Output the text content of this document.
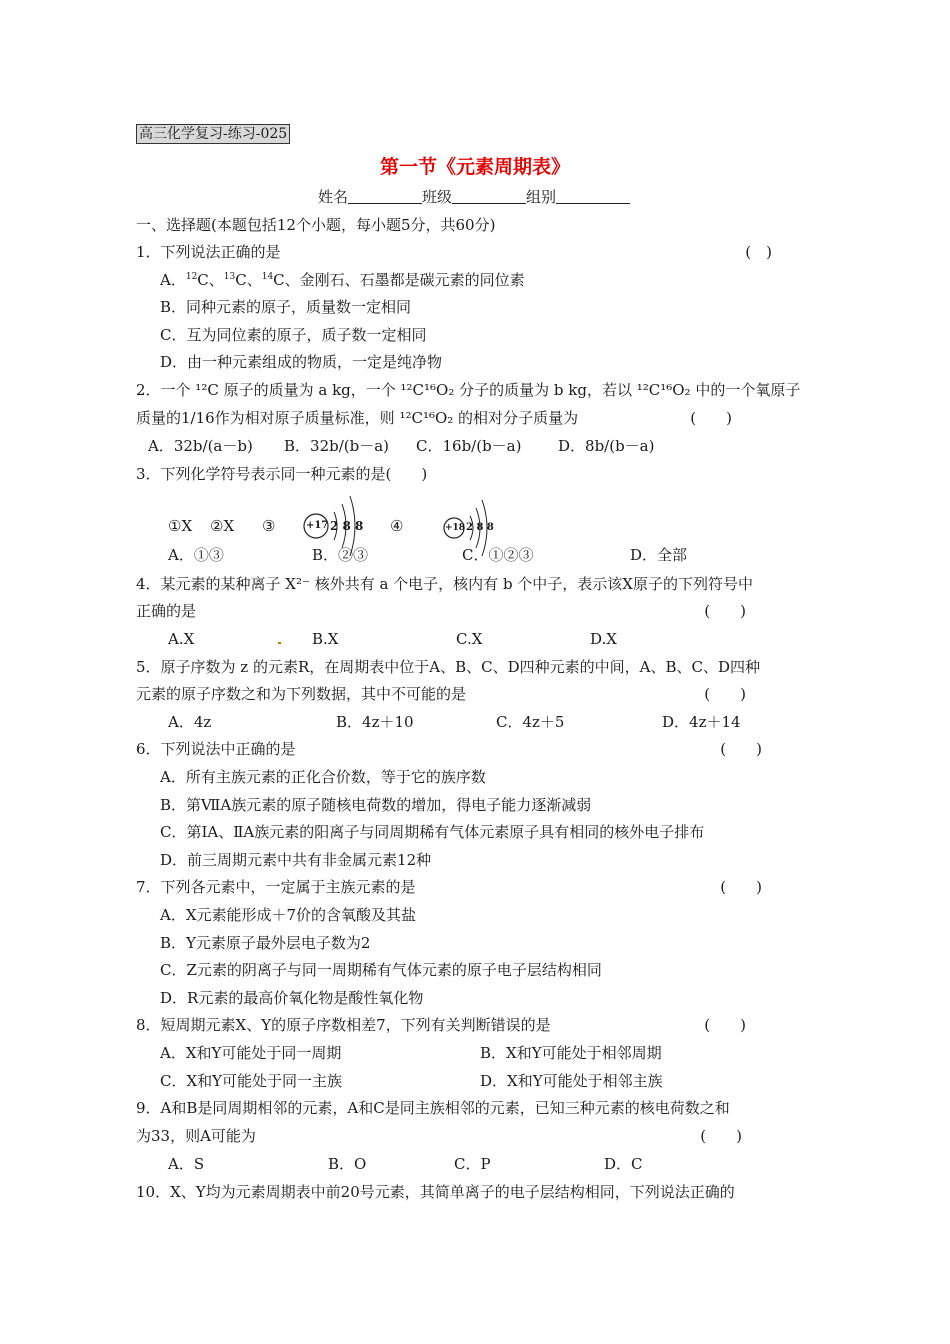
高三化学复习-练习-025
第一节《元素周期表》
姓名	班级	组别
一、选择题(本题包括12个小题，每小题5分，共60分)
1．下列说法正确的是	(　)
A．$^{12}$C、$^{13}$C、$^{14}$C、金刚石、石墨都是碳元素的同位素
B．同种元素的原子，质量数一定相同
C．互为同位素的原子，质子数一定相同
D．由一种元素组成的物质，一定是纯净物
2．一个 ¹²C 原子的质量为 a kg，一个 ¹²C¹⁶O₂ 分子的质量为 b kg，若以 ¹²C¹⁶O₂ 中的一个氧原子
质量的1/16作为相对原子质量标准，则 ¹²C¹⁶O₂ 的相对分子质量为	(　　)
A．32b/(a－b) B．32b/(b－a) C．16b/(b－a) D．8b/(b－a)
3．下列化学符号表示同一种元素的是(　　)
①X ②X ③	+17 2 8 8 ④	+18 2 8 8
A．①③	B．②③	C．①②③	D．全部
4．某元素的某种离子 X²⁻ 核外共有 a 个电子，核内有 b 个中子，表示该X原子的下列符号中
正确的是	(　　)
A.X	B.X	C.X	D.X
5．原子序数为 z 的元素R，在周期表中位于A、B、C、D四种元素的中间，A、B、C、D四种
元素的原子序数之和为下列数据，其中不可能的是	(　　)
A．4z	B．4z＋10	C．4z＋5	D．4z＋14
6．下列说法中正确的是	(　　)
A．所有主族元素的正化合价数，等于它的族序数
B．第ⅦA族元素的原子随核电荷数的增加，得电子能力逐渐减弱
C．第ⅠA、ⅡA族元素的阳离子与同周期稀有气体元素原子具有相同的核外电子排布
D．前三周期元素中共有非金属元素12种
7．下列各元素中，一定属于主族元素的是	(　　)
A．X元素能形成＋7价的含氧酸及其盐
B．Y元素原子最外层电子数为2
C．Z元素的阴离子与同一周期稀有气体元素的原子电子层结构相同
D．R元素的最高价氧化物是酸性氧化物
8．短周期元素X、Y的原子序数相差7，下列有关判断错误的是	(　　)
A．X和Y可能处于同一周期	B．X和Y可能处于相邻周期
C．X和Y可能处于同一主族	D．X和Y可能处于相邻主族
9．A和B是同周期相邻的元素，A和C是同主族相邻的元素，已知三种元素的核电荷数之和
为33，则A可能为	(　　)
A．S	B．O	C．P	D．C
10．X、Y均为元素周期表中前20号元素，其简单离子的电子层结构相同，下列说法正确的
